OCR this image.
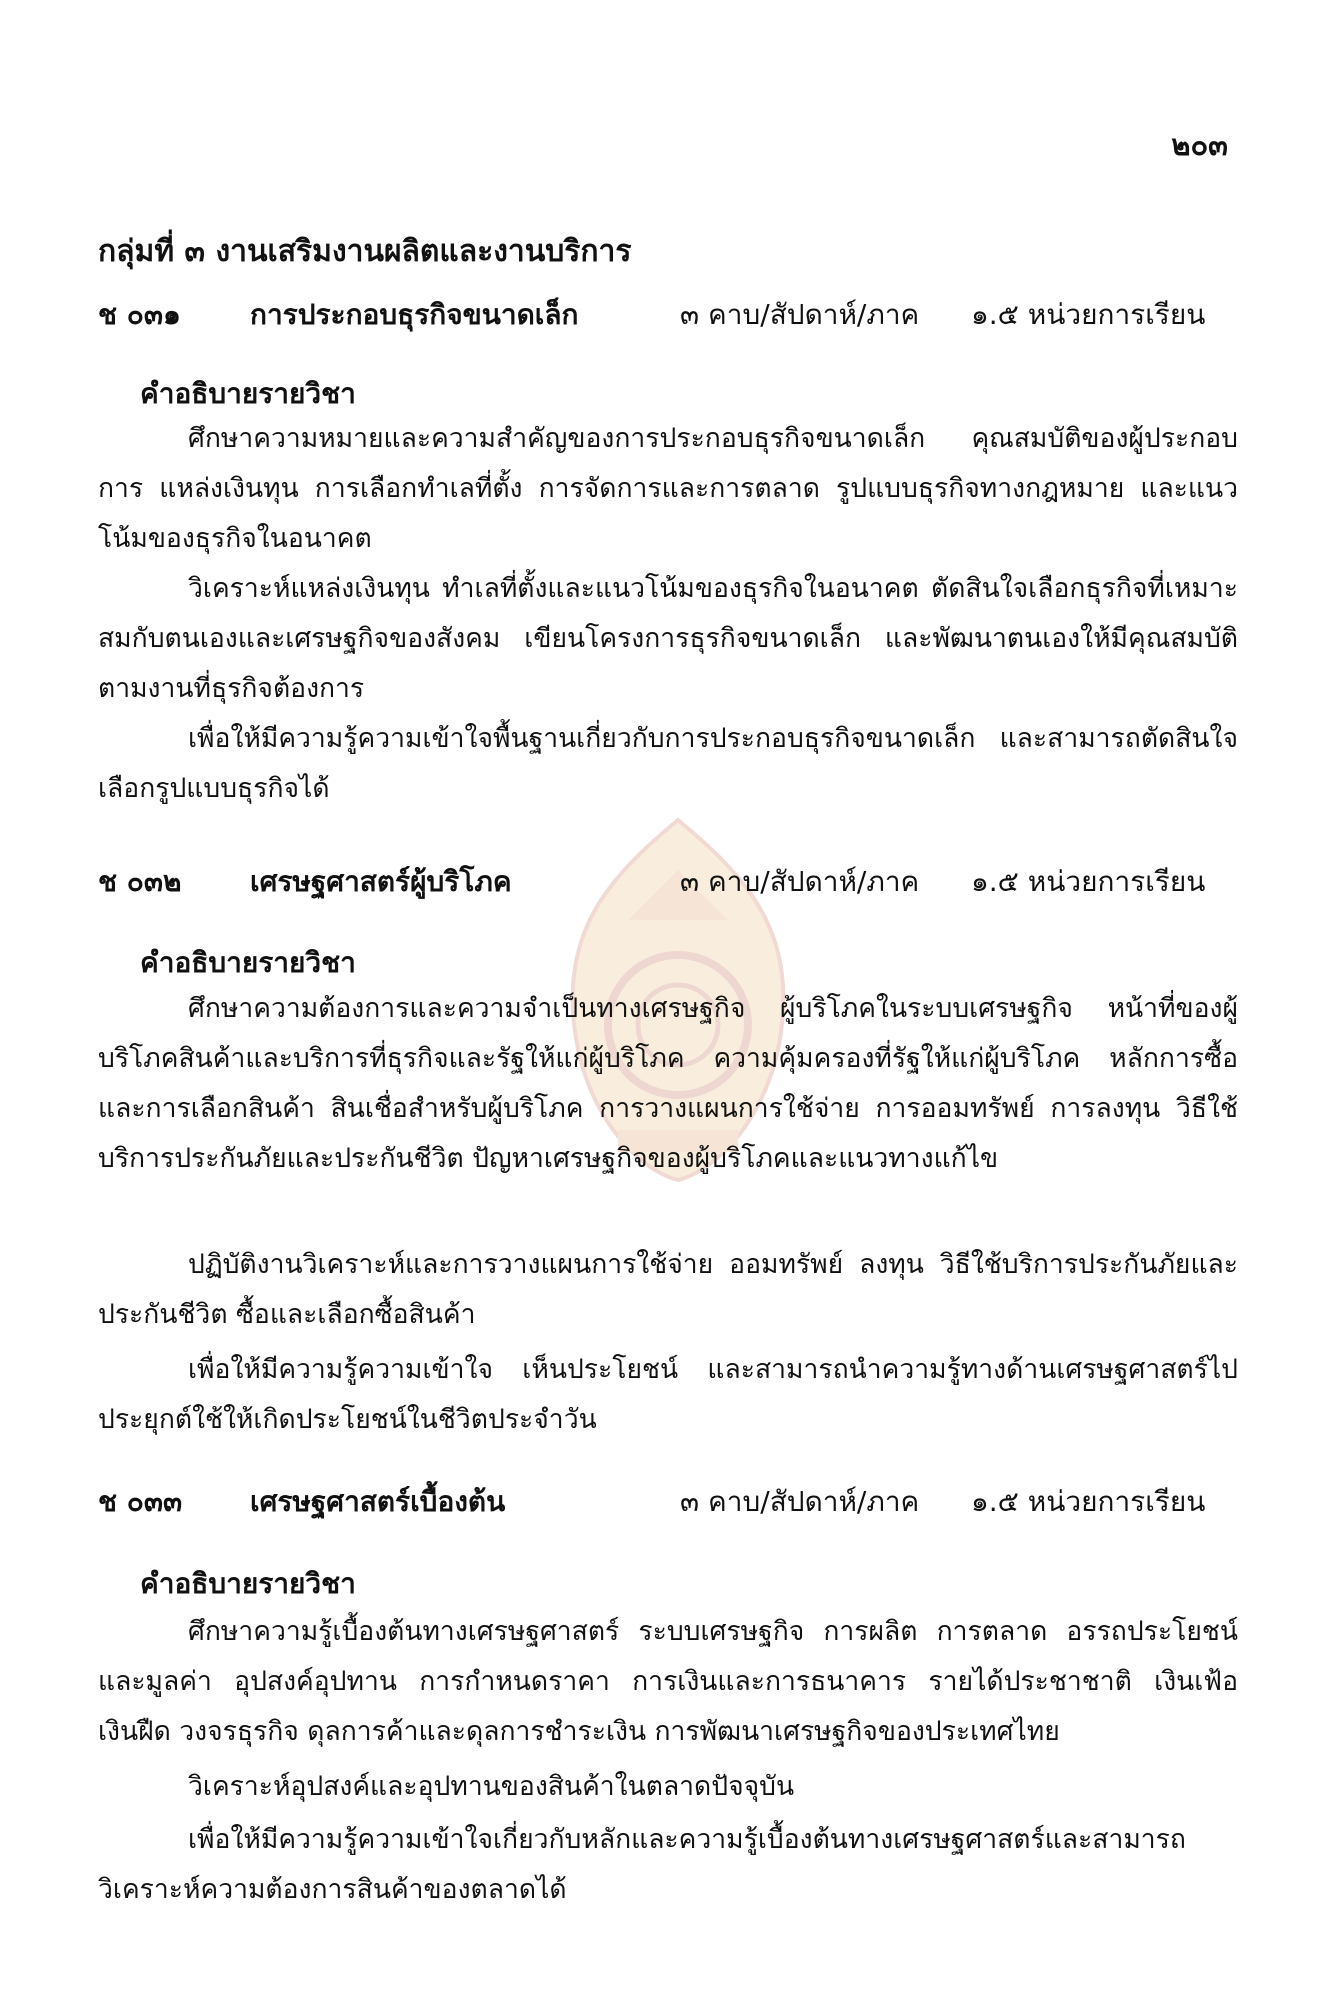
๒๐๓
กลุ่มที่ ๓ งานเสริมงานผลิตและงานบริการ
ช ๐๓๑ การประกอบธุรกิจขนาดเล็ก	๓ คาบ/สัปดาห์/ภาค ๑.๕ หน่วยการเรียน
คำอธิบายรายวิชา
ศึกษาความหมายและความสำคัญของการประกอบธุรกิจขนาดเล็ก คุณสมบัติของผู้ประกอบการ แหล่งเงินทุน การเลือกทำเลที่ตั้ง การจัดการและการตลาด รูปแบบธุรกิจทางกฎหมาย และแนวโน้มของธุรกิจในอนาคต
วิเคราะห์แหล่งเงินทุน ทำเลที่ตั้งและแนวโน้มของธุรกิจในอนาคต ตัดสินใจเลือกธุรกิจที่เหมาะสมกับตนเองและเศรษฐกิจของสังคม เขียนโครงการธุรกิจขนาดเล็ก และพัฒนาตนเองให้มีคุณสมบัติตามงานที่ธุรกิจต้องการ
เพื่อให้มีความรู้ความเข้าใจพื้นฐานเกี่ยวกับการประกอบธุรกิจขนาดเล็ก และสามารถตัดสินใจเลือกรูปแบบธุรกิจได้
ช ๐๓๒ เศรษฐศาสตร์ผู้บริโภค	๓ คาบ/สัปดาห์/ภาค ๑.๕ หน่วยการเรียน
คำอธิบายรายวิชา
ศึกษาความต้องการและความจำเป็นทางเศรษฐกิจ ผู้บริโภคในระบบเศรษฐกิจ หน้าที่ของผู้บริโภคสินค้าและบริการที่ธุรกิจและรัฐให้แก่ผู้บริโภค ความคุ้มครองที่รัฐให้แก่ผู้บริโภค หลักการซื้อ และการเลือกสินค้า สินเชื่อสำหรับผู้บริโภค การวางแผนการใช้จ่าย การออมทรัพย์ การลงทุน วิธีใช้บริการประกันภัยและประกันชีวิต ปัญหาเศรษฐกิจของผู้บริโภคและแนวทางแก้ไข
ปฏิบัติงานวิเคราะห์และการวางแผนการใช้จ่าย ออมทรัพย์ ลงทุน วิธีใช้บริการประกันภัยและประกันชีวิต ซื้อและเลือกซื้อสินค้า
เพื่อให้มีความรู้ความเข้าใจ เห็นประโยชน์ และสามารถนำความรู้ทางด้านเศรษฐศาสตร์ไปประยุกต์ใช้ให้เกิดประโยชน์ในชีวิตประจำวัน
ช ๐๓๓ เศรษฐศาสตร์เบื้องต้น	๓ คาบ/สัปดาห์/ภาค ๑.๕ หน่วยการเรียน
คำอธิบายรายวิชา
ศึกษาความรู้เบื้องต้นทางเศรษฐศาสตร์ ระบบเศรษฐกิจ การผลิต การตลาด อรรถประโยชน์และมูลค่า อุปสงค์อุปทาน การกำหนดราคา การเงินและการธนาคาร รายได้ประชาชาติ เงินเฟ้อ เงินฝืด วงจรธุรกิจ ดุลการค้าและดุลการชำระเงิน การพัฒนาเศรษฐกิจของประเทศไทย
วิเคราะห์อุปสงค์และอุปทานของสินค้าในตลาดปัจจุบัน
เพื่อให้มีความรู้ความเข้าใจเกี่ยวกับหลักและความรู้เบื้องต้นทางเศรษฐศาสตร์และสามารถวิเคราะห์ความต้องการสินค้าของตลาดได้
